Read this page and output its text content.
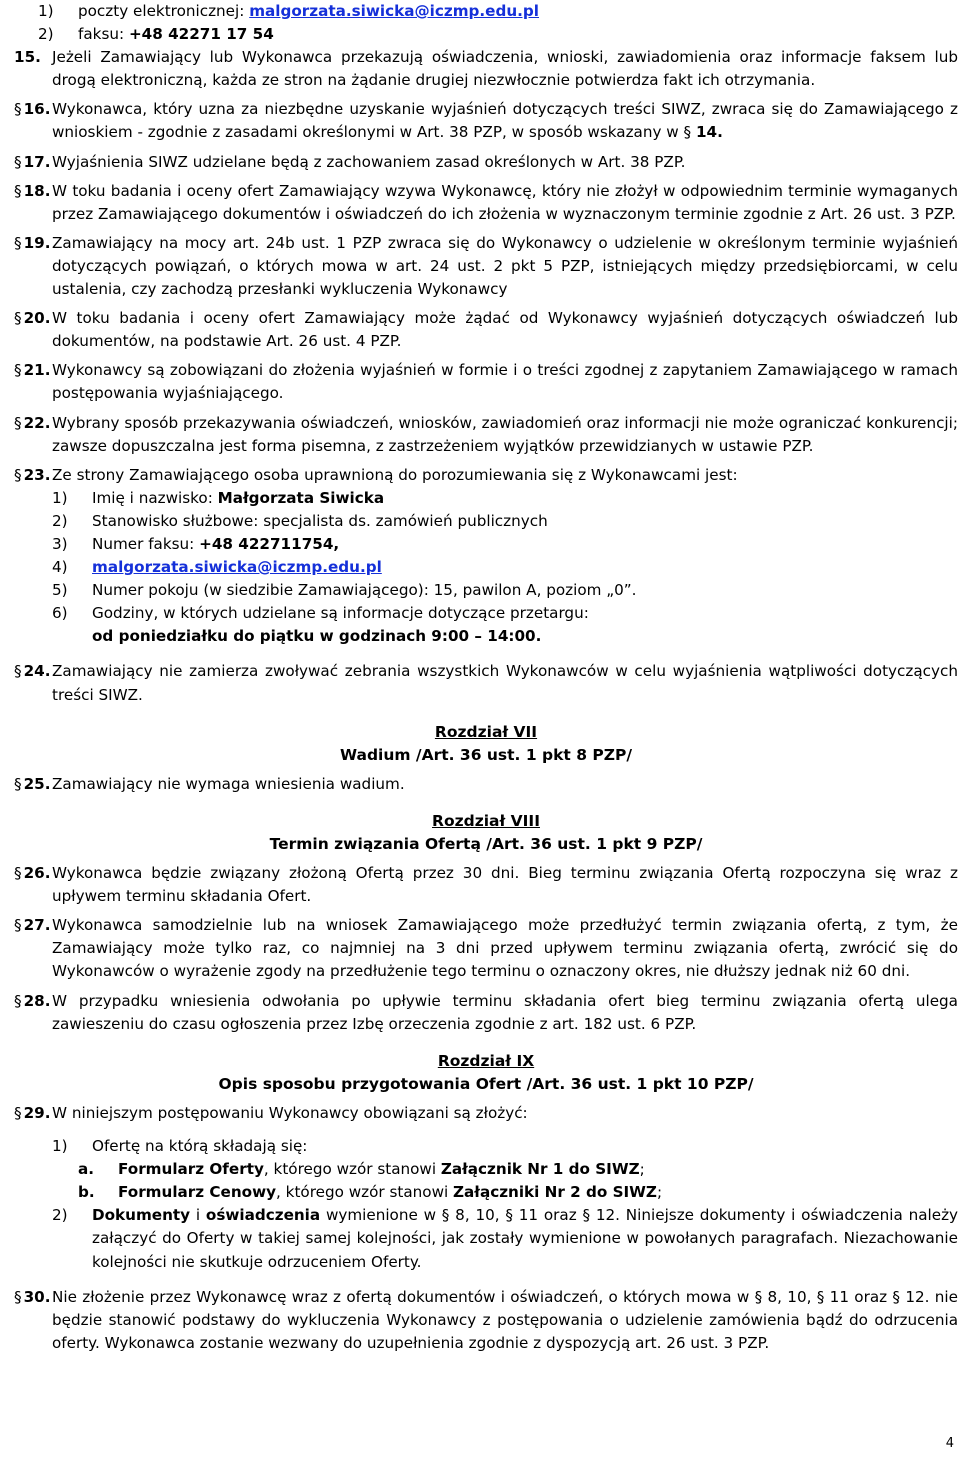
1)	poczty elektronicznej: malgorzata.siwicka@iczmp.edu.pl
2)	faksu: +48 42271 17 54
15. Jeżeli Zamawiający lub Wykonawca przekazują oświadczenia, wnioski, zawiadomienia oraz informacje faksem lub drogą elektroniczną, każda ze stron na żądanie drugiej niezwłocznie potwierdza fakt ich otrzymania.
§ 16. Wykonawca, który uzna za niezbędne uzyskanie wyjaśnień dotyczących treści SIWZ, zwraca się do Zamawiającego z wnioskiem - zgodnie z zasadami określonymi w Art. 38 PZP, w sposób wskazany w § 14.
§ 17. Wyjaśnienia SIWZ udzielane będą z zachowaniem zasad określonych w Art. 38 PZP.
§ 18. W toku badania i oceny ofert Zamawiający wzywa Wykonawcę, który nie złożył w odpowiednim terminie wymaganych przez Zamawiającego dokumentów i oświadczeń do ich złożenia w wyznaczonym terminie zgodnie z Art. 26 ust. 3 PZP.
§ 19. Zamawiający na mocy art. 24b ust. 1 PZP zwraca się do Wykonawcy o udzielenie w określonym terminie wyjaśnień dotyczących powiązań, o których mowa w art. 24 ust. 2 pkt 5 PZP, istniejących między przedsiębiorcami, w celu ustalenia, czy zachodzą przesłanki wykluczenia Wykonawcy
§ 20. W toku badania i oceny ofert Zamawiający może żądać od Wykonawcy wyjaśnień dotyczących oświadczeń lub dokumentów, na podstawie Art. 26 ust. 4 PZP.
§ 21. Wykonawcy są zobowiązani do złożenia wyjaśnień w formie i o treści zgodnej z zapytaniem Zamawiającego w ramach postępowania wyjaśniającego.
§ 22. Wybrany sposób przekazywania oświadczeń, wniosków, zawiadomień oraz informacji nie może ograniczać konkurencji; zawsze dopuszczalna jest forma pisemna, z zastrzeżeniem wyjątków przewidzianych w ustawie PZP.
§ 23. Ze strony Zamawiającego osoba uprawnioną do porozumiewania się z Wykonawcami jest:
1)	Imię i nazwisko: Małgorzata Siwicka
2)	Stanowisko służbowe: specjalista ds. zamówień publicznych
3)	Numer faksu: +48 422711754,
4)	malgorzata.siwicka@iczmp.edu.pl
5)	Numer pokoju (w siedzibie Zamawiającego): 15, pawilon A, poziom „0”.
6)	Godziny, w których udzielane są informacje dotyczące przetargu:
od poniedziałku do piątku w godzinach 9:00 – 14:00.
§ 24. Zamawiający nie zamierza zwoływać zebrania wszystkich Wykonawców w celu wyjaśnienia wątpliwości dotyczących treści SIWZ.
Rozdział VII
Wadium /Art. 36 ust. 1 pkt 8 PZP/
§ 25. Zamawiający nie wymaga wniesienia wadium.
Rozdział VIII
Termin związania Ofertą /Art. 36 ust. 1 pkt 9 PZP/
§ 26. Wykonawca będzie związany złożoną Ofertą przez 30 dni. Bieg terminu związania Ofertą rozpoczyna się wraz z upływem terminu składania Ofert.
§ 27. Wykonawca samodzielnie lub na wniosek Zamawiającego może przedłużyć termin związania ofertą, z tym, że Zamawiający może tylko raz, co najmniej na 3 dni przed upływem terminu związania ofertą, zwrócić się do Wykonawców o wyrażenie zgody na przedłużenie tego terminu o oznaczony okres, nie dłuższy jednak niż 60 dni.
§ 28. W przypadku wniesienia odwołania po upływie terminu składania ofert bieg terminu związania ofertą ulega zawieszeniu do czasu ogłoszenia przez Izbę orzeczenia zgodnie z art. 182 ust. 6 PZP.
Rozdział IX
Opis sposobu przygotowania Ofert /Art. 36 ust. 1 pkt 10 PZP/
§ 29. W niniejszym postępowaniu Wykonawcy obowiązani są złożyć:
1)	Ofertę na którą składają się:
a.	Formularz Oferty, którego wzór stanowi Załącznik Nr 1 do SIWZ;
b.	Formularz Cenowy, którego wzór stanowi Załączniki Nr 2 do SIWZ;
2)	Dokumenty i oświadczenia wymienione w § 8, 10, § 11 oraz § 12. Niniejsze dokumenty i oświadczenia należy załączyć do Oferty w takiej samej kolejności, jak zostały wymienione w powołanych paragrafach. Niezachowanie kolejności nie skutkuje odrzuceniem Oferty.
§ 30. Nie złożenie przez Wykonawcę wraz z ofertą dokumentów i oświadczeń, o których mowa w § 8, 10, § 11 oraz § 12. nie będzie stanowić podstawy do wykluczenia Wykonawcy z postępowania o udzielenie zamówienia bądź do odrzucenia oferty. Wykonawca zostanie wezwany do uzupełnienia zgodnie z dyspozycją art. 26 ust. 3 PZP.
4
